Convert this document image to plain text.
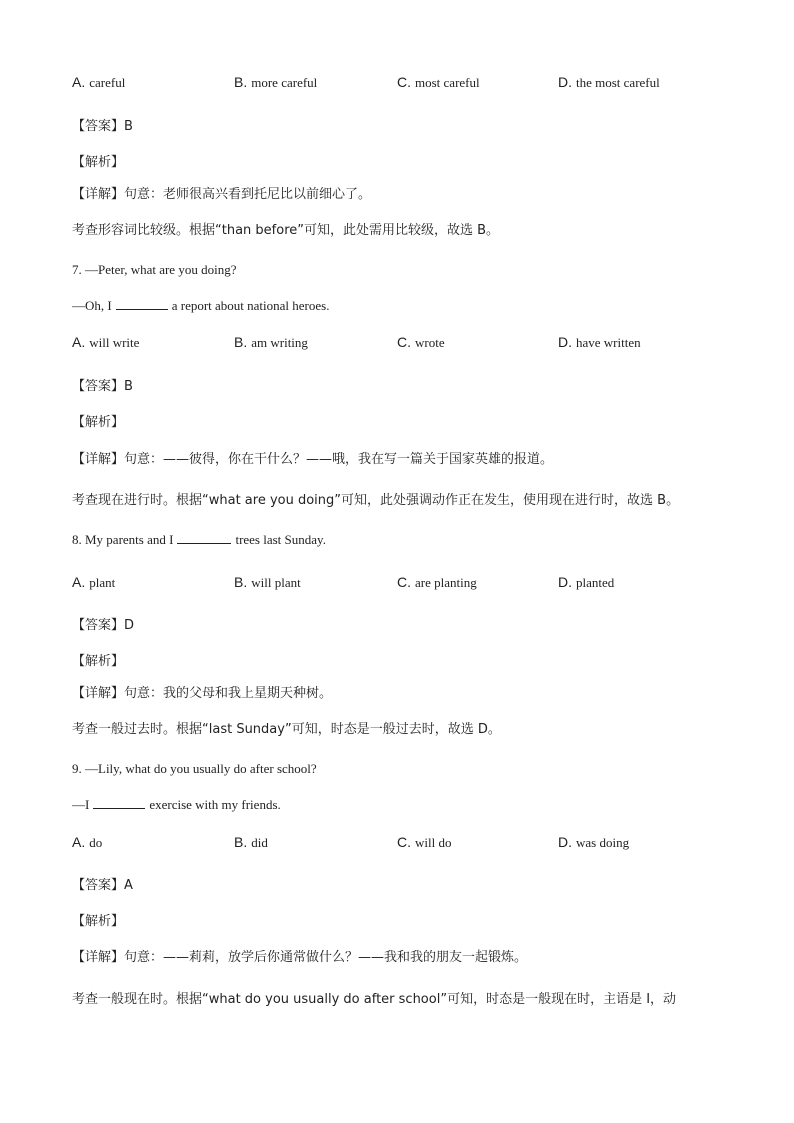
A. careful	B. more careful	C. most careful	D. the most careful
【答案】B
【解析】
【详解】句意：老师很高兴看到托尼比以前细心了。
考查形容词比较级。根据“than before”可知，此处需用比较级，故选 B。
7. —Peter, what are you doing?
—Oh, I	a report about national heroes.
A. will write	B. am writing	C. wrote	D. have written
【答案】B
【解析】
【详解】句意：——彼得，你在干什么？——哦，我在写一篇关于国家英雄的报道。
考查现在进行时。根据“what are you doing”可知，此处强调动作正在发生，使用现在进行时，故选 B。
8. My parents and I	trees last Sunday.
A. plant	B. will plant	C. are planting	D. planted
【答案】D
【解析】
【详解】句意：我的父母和我上星期天种树。
考查一般过去时。根据“last Sunday”可知，时态是一般过去时，故选 D。
9. —Lily, what do you usually do after school?
—I	exercise with my friends.
A. do	B. did	C. will do	D. was doing
【答案】A
【解析】
【详解】句意：——莉莉，放学后你通常做什么？——我和我的朋友一起锻炼。
考查一般现在时。根据“what do you usually do after school”可知，时态是一般现在时，主语是 I，动
